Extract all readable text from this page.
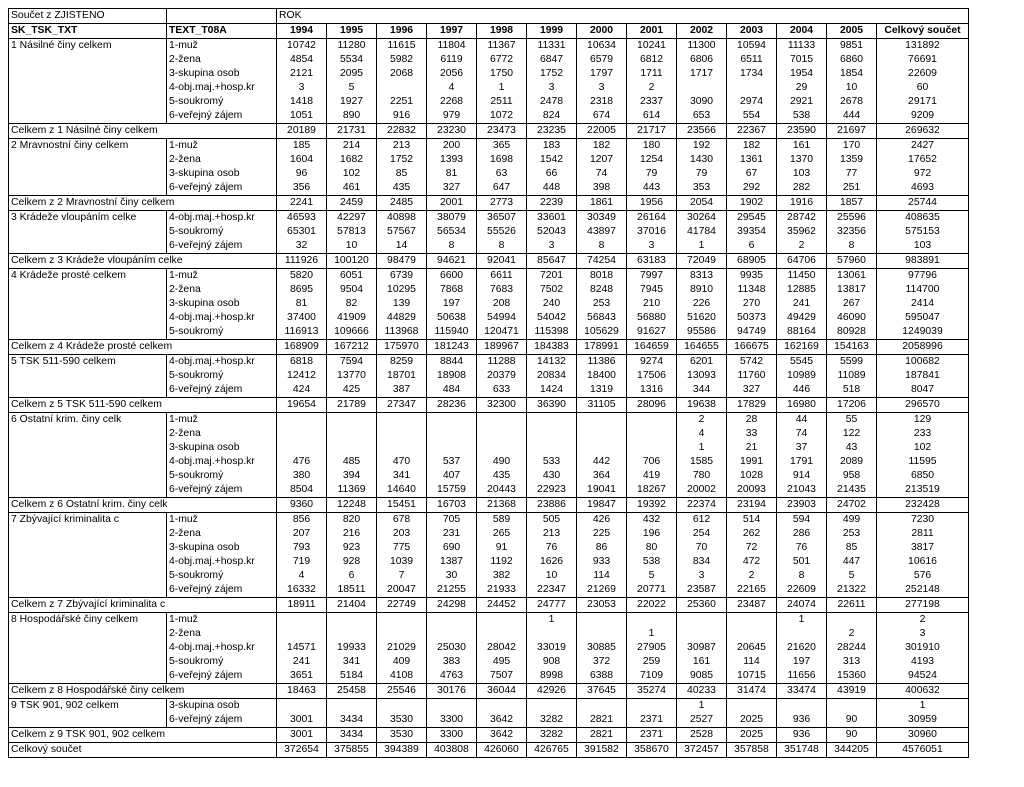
Součet z ZJISTENO		ROK												
SK_TSK_TXT	TEXT_T08A	1994	1995	1996	1997	1998	1999	2000	2001	2002	2003	2004	2005	Celkový součet
1 Násilné činy celkem	1-muž	10742	11280	11615	11804	11367	11331	10634	10241	11300	10594	11133	9851	131892
	2-žena	4854	5534	5982	6119	6772	6847	6579	6812	6806	6511	7015	6860	76691
	3-skupina osob	2121	2095	2068	2056	1750	1752	1797	1711	1717	1734	1954	1854	22609
	4-obj.maj.+hosp.kr	3	5		4	1	3	3	2			29	10	60
	5-soukromý	1418	1927	2251	2268	2511	2478	2318	2337	3090	2974	2921	2678	29171
	6-veřejný zájem	1051	890	916	979	1072	824	674	614	653	554	538	444	9209
Celkem z 1 Násilné činy celkem		20189	21731	22832	23230	23473	23235	22005	21717	23566	22367	23590	21697	269632
2 Mravnostní činy celkem	1-muž	185	214	213	200	365	183	182	180	192	182	161	170	2427
	2-žena	1604	1682	1752	1393	1698	1542	1207	1254	1430	1361	1370	1359	17652
	3-skupina osob	96	102	85	81	63	66	74	79	79	67	103	77	972
	6-veřejný zájem	356	461	435	327	647	448	398	443	353	292	282	251	4693
Celkem z 2 Mravnostní činy celkem		2241	2459	2485	2001	2773	2239	1861	1956	2054	1902	1916	1857	25744
3 Krádeže vloupáním celke	4-obj.maj.+hosp.kr	46593	42297	40898	38079	36507	33601	30349	26164	30264	29545	28742	25596	408635
	5-soukromý	65301	57813	57567	56534	55526	52043	43897	37016	41784	39354	35962	32356	575153
	6-veřejný zájem	32	10	14	8	8	3	8	3	1	6	2	8	103
Celkem z 3 Krádeže vloupáním celke		111926	100120	98479	94621	92041	85647	74254	63183	72049	68905	64706	57960	983891
4 Krádeže prosté celkem	1-muž	5820	6051	6739	6600	6611	7201	8018	7997	8313	9935	11450	13061	97796
	2-žena	8695	9504	10295	7868	7683	7502	8248	7945	8910	11348	12885	13817	114700
	3-skupina osob	81	82	139	197	208	240	253	210	226	270	241	267	2414
	4-obj.maj.+hosp.kr	37400	41909	44829	50638	54994	54042	56843	56880	51620	50373	49429	46090	595047
	5-soukromý	116913	109666	113968	115940	120471	115398	105629	91627	95586	94749	88164	80928	1249039
Celkem z 4 Krádeže prosté celkem		168909	167212	175970	181243	189967	184383	178991	164659	164655	166675	162169	154163	2058996
5 TSK 511-590 celkem	4-obj.maj.+hosp.kr	6818	7594	8259	8844	11288	14132	11386	9274	6201	5742	5545	5599	100682
	5-soukromý	12412	13770	18701	18908	20379	20834	18400	17506	13093	11760	10989	11089	187841
	6-veřejný zájem	424	425	387	484	633	1424	1319	1316	344	327	446	518	8047
Celkem z 5 TSK 511-590 celkem		19654	21789	27347	28236	32300	36390	31105	28096	19638	17829	16980	17206	296570
6 Ostatní krim. činy celk	1-muž									2	28	44	55	129
	2-žena									4	33	74	122	233
	3-skupina osob									1	21	37	43	102
	4-obj.maj.+hosp.kr	476	485	470	537	490	533	442	706	1585	1991	1791	2089	11595
	5-soukromý	380	394	341	407	435	430	364	419	780	1028	914	958	6850
	6-veřejný zájem	8504	11369	14640	15759	20443	22923	19041	18267	20002	20093	21043	21435	213519
Celkem z 6 Ostatní krim. činy celk		9360	12248	15451	16703	21368	23886	19847	19392	22374	23194	23903	24702	232428
7 Zbývající kriminalita c	1-muž	856	820	678	705	589	505	426	432	612	514	594	499	7230
	2-žena	207	216	203	231	265	213	225	196	254	262	286	253	2811
	3-skupina osob	793	923	775	690	91	76	86	80	70	72	76	85	3817
	4-obj.maj.+hosp.kr	719	928	1039	1387	1192	1626	933	538	834	472	501	447	10616
	5-soukromý	4	6	7	30	382	10	114	5	3	2	8	5	576
	6-veřejný zájem	16332	18511	20047	21255	21933	22347	21269	20771	23587	22165	22609	21322	252148
Celkem z 7 Zbývající kriminalita c		18911	21404	22749	24298	24452	24777	23053	22022	25360	23487	24074	22611	277198
8 Hospodářské činy celkem	1-muž						1					1		2
	2-žena								1				2	3
	4-obj.maj.+hosp.kr	14571	19933	21029	25030	28042	33019	30885	27905	30987	20645	21620	28244	301910
	5-soukromý	241	341	409	383	495	908	372	259	161	114	197	313	4193
	6-veřejný zájem	3651	5184	4108	4763	7507	8998	6388	7109	9085	10715	11656	15360	94524
Celkem z 8 Hospodářské činy celkem		18463	25458	25546	30176	36044	42926	37645	35274	40233	31474	33474	43919	400632
9 TSK 901, 902 celkem	3-skupina osob									1				1
	6-veřejný zájem	3001	3434	3530	3300	3642	3282	2821	2371	2527	2025	936	90	30959
Celkem z 9 TSK 901, 902 celkem		3001	3434	3530	3300	3642	3282	2821	2371	2528	2025	936	90	30960
Celkový součet		372654	375855	394389	403808	426060	426765	391582	358670	372457	357858	351748	344205	4576051
